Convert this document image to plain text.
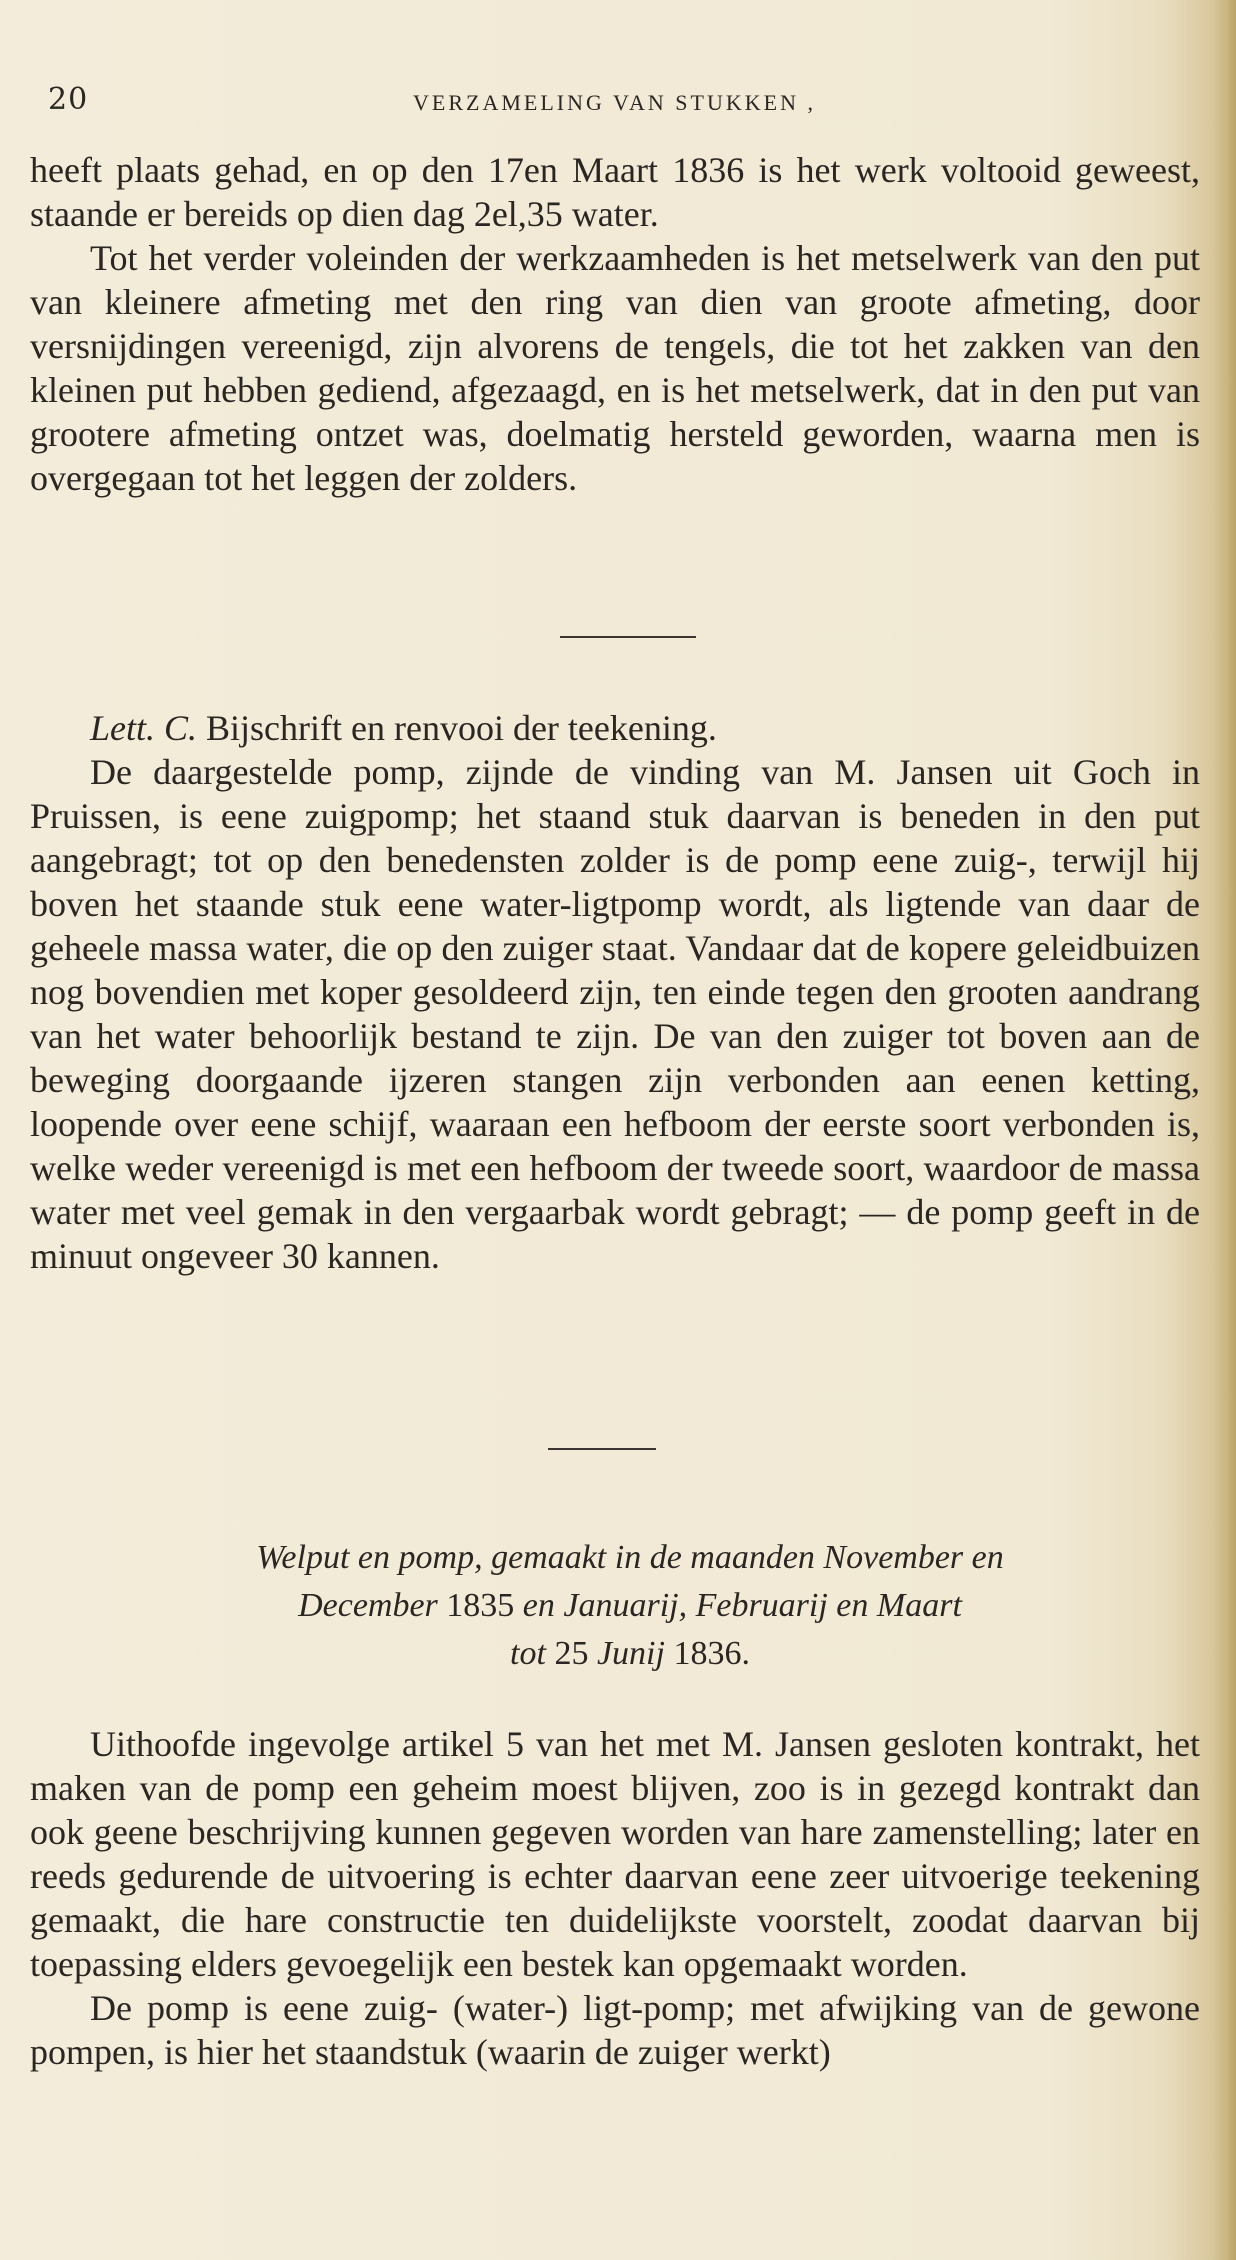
20	VERZAMELING VAN STUKKEN ,

heeft plaats gehad, en op den 17en Maart 1836 is het werk voltooid geweest, staande er bereids op dien dag 2el,35 water.

Tot het verder voleinden der werkzaamheden is het metselwerk van den put van kleinere afmeting met den ring van dien van groote afmeting, door versnijdingen vereenigd, zijn alvorens de tengels, die tot het zakken van den kleinen put hebben gediend, afgezaagd, en is het metselwerk, dat in den put van grootere afmeting ontzet was, doelmatig hersteld geworden, waarna men is overgegaan tot het leggen der zolders.

Lett. C. Bijschrift en renvooi der teekening.

De daargestelde pomp, zijnde de vinding van M. Jansen uit Goch in Pruissen, is eene zuigpomp; het staand stuk daarvan is beneden in den put aangebragt; tot op den benedensten zolder is de pomp eene zuig-, terwijl hij boven het staande stuk eene water-ligtpomp wordt, als ligtende van daar de geheele massa water, die op den zuiger staat. Vandaar dat de kopere geleidbuizen nog bovendien met koper gesoldeerd zijn, ten einde tegen den grooten aandrang van het water behoorlijk bestand te zijn. De van den zuiger tot boven aan de beweging doorgaande ijzeren stangen zijn verbonden aan eenen ketting, loopende over eene schijf, waaraan een hefboom der eerste soort verbonden is, welke weder vereenigd is met een hefboom der tweede soort, waardoor de massa water met veel gemak in den vergaarbak wordt gebragt; — de pomp geeft in de minuut ongeveer 30 kannen.

Welput en pomp, gemaakt in de maanden November en
December 1835 en Januarij, Februarij en Maart
tot 25 Junij 1836.

Uithoofde ingevolge artikel 5 van het met M. Jansen gesloten kontrakt, het maken van de pomp een geheim moest blijven, zoo is in gezegd kontrakt dan ook geene beschrijving kunnen gegeven worden van hare zamenstelling; later en reeds gedurende de uitvoering is echter daarvan eene zeer uitvoerige teekening gemaakt, die hare constructie ten duidelijkste voorstelt, zoodat daarvan bij toepassing elders gevoegelijk een bestek kan opgemaakt worden.

De pomp is eene zuig- (water-) ligt-pomp; met afwijking van de gewone pompen, is hier het staandstuk (waarin de zuiger werkt)
